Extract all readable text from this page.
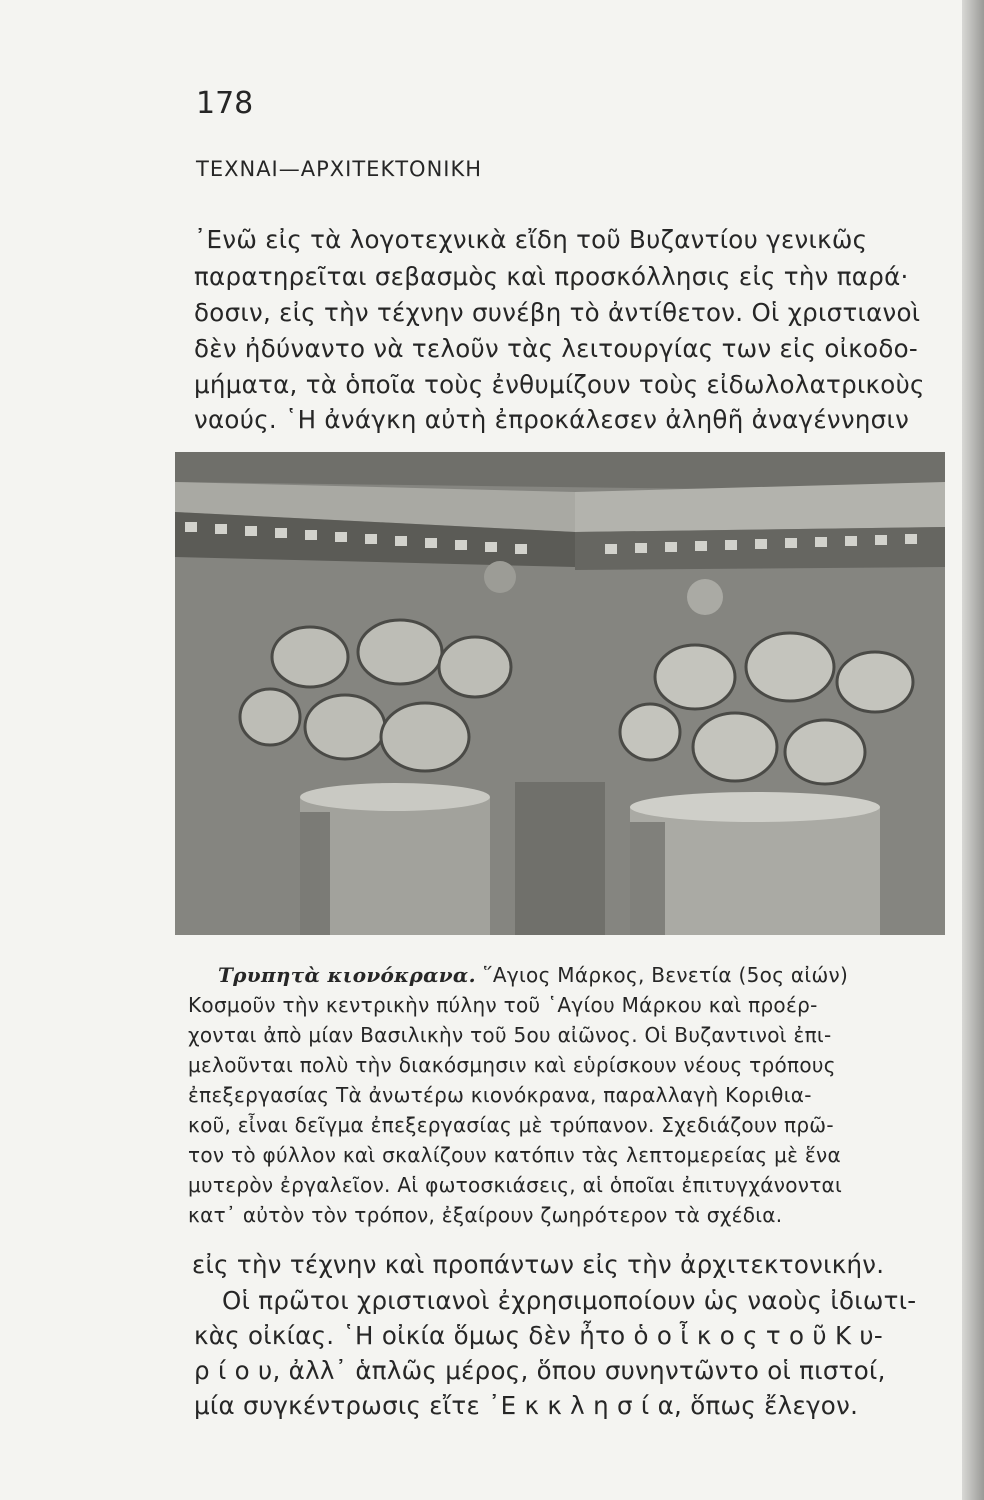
178
ΤΕΧΝΑΙ—ΑΡΧΙΤΕΚΤΟΝΙΚΗ
᾿Ενῶ εἰς τὰ λογοτεχνικὰ εἴδη τοῦ Βυζαντίου γενικῶς
παρατηρεῖται σεβασμὸς καὶ προσκόλλησις εἰς τὴν παρά·
δοσιν, εἰς τὴν τέχνην συνέβη τὸ ἀντίθετον. Οἱ χριστιανοὶ
δὲν ἠδύναντο νὰ τελοῦν τὰς λειτουργίας των εἰς οἰκοδο-
μήματα, τὰ ὁποῖα τοὺς ἐνθυμίζουν τοὺς εἰδωλολατρικοὺς
ναούς. ῾Η ἀνάγκη αὐτὴ ἐπροκάλεσεν ἀληθῆ ἀναγέννησιν
Τρυπητὰ κιονόκρανα. ῞Αγιος Μάρκος, Βενετία (5ος αἰών)
Κοσμοῦν τὴν κεντρικὴν πύλην τοῦ ῾Αγίου Μάρκου καὶ προέρ-
χονται ἀπὸ μίαν Βασιλικὴν τοῦ 5ου αἰῶνος. Οἱ Βυζαντινοὶ ἐπι-
μελοῦνται πολὺ τὴν διακόσμησιν καὶ εὑρίσκουν νέους τρόπους
ἐπεξεργασίας Τὰ ἀνωτέρω κιονόκρανα, παραλλαγὴ Κοριθια-
κοῦ, εἶναι δεῖγμα ἐπεξεργασίας μὲ τρύπανον. Σχεδιάζουν πρῶ-
τον τὸ φύλλον καὶ σκαλίζουν κατόπιν τὰς λεπτομερείας μὲ ἕνα
μυτερὸν ἐργαλεῖον. Αἱ φωτοσκιάσεις, αἱ ὁποῖαι ἐπιτυγχάνονται
κατ᾿ αὐτὸν τὸν τρόπον, ἐξαίρουν ζωηρότερον τὰ σχέδια.
εἰς τὴν τέχνην καὶ προπάντων εἰς τὴν ἀρχιτεκτονικήν.
Οἱ πρῶτοι χριστιανοὶ ἐχρησιμοποίουν ὡς ναοὺς ἰδιωτι-
κὰς οἰκίας. ῾Η οἰκία ὅμως δὲν ἦτο ὁ ο ἶ κ ο ς τ ο ῦ Κ υ-
ρ ί ο υ, ἀλλ᾿ ἁπλῶς μέρος, ὅπου συνηντῶντο οἱ πιστοί,
μία συγκέντρωσις εἴτε ᾿Ε κ κ λ η σ ί α, ὅπως ἔλεγον.
